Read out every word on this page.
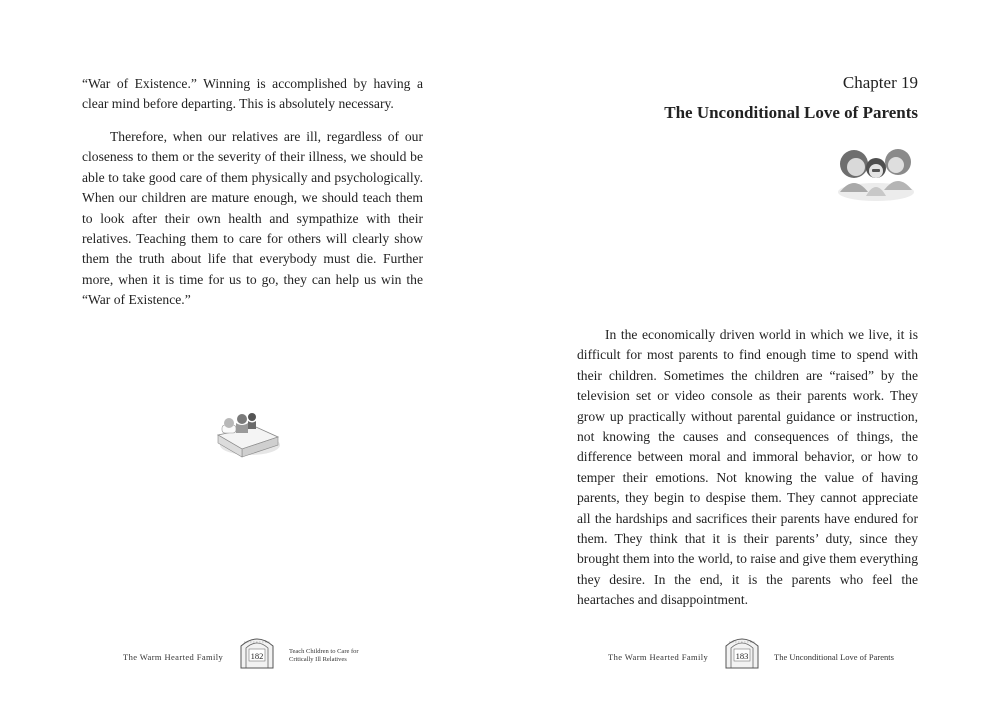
“War of Existence.” Winning is accomplished by having a clear mind before departing. This is absolutely necessary.

Therefore, when our relatives are ill, regardless of our closeness to them or the severity of their illness, we should be able to take good care of them physically and psychologically. When our children are mature enough, we should teach them to look after their own health and sympathize with their relatives. Teaching them to care for others will clearly show them the truth about life that everybody must die. Further more, when it is time for us to go, they can help us win the “War of Existence.”

The Warm Hearted Family	182	Teach Children to Care for
Critically Ill Relatives
Chapter 19
The Unconditional Love of Parents

In the economically driven world in which we live, it is difficult for most parents to find enough time to spend with their children. Sometimes the children are “raised” by the television set or video console as their parents work. They grow up practically without parental guidance or instruction, not knowing the causes and consequences of things, the difference between moral and immoral behavior, or how to temper their emotions. Not knowing the value of having parents, they begin to despise them. They cannot appreciate all the hardships and sacrifices their parents have endured for them. They think that it is their parents’ duty, since they brought them into the world, to raise and give them everything they desire. In the end, it is the parents who feel the heartaches and disappointment.

The Warm Hearted Family	183	The Unconditional Love of Parents
